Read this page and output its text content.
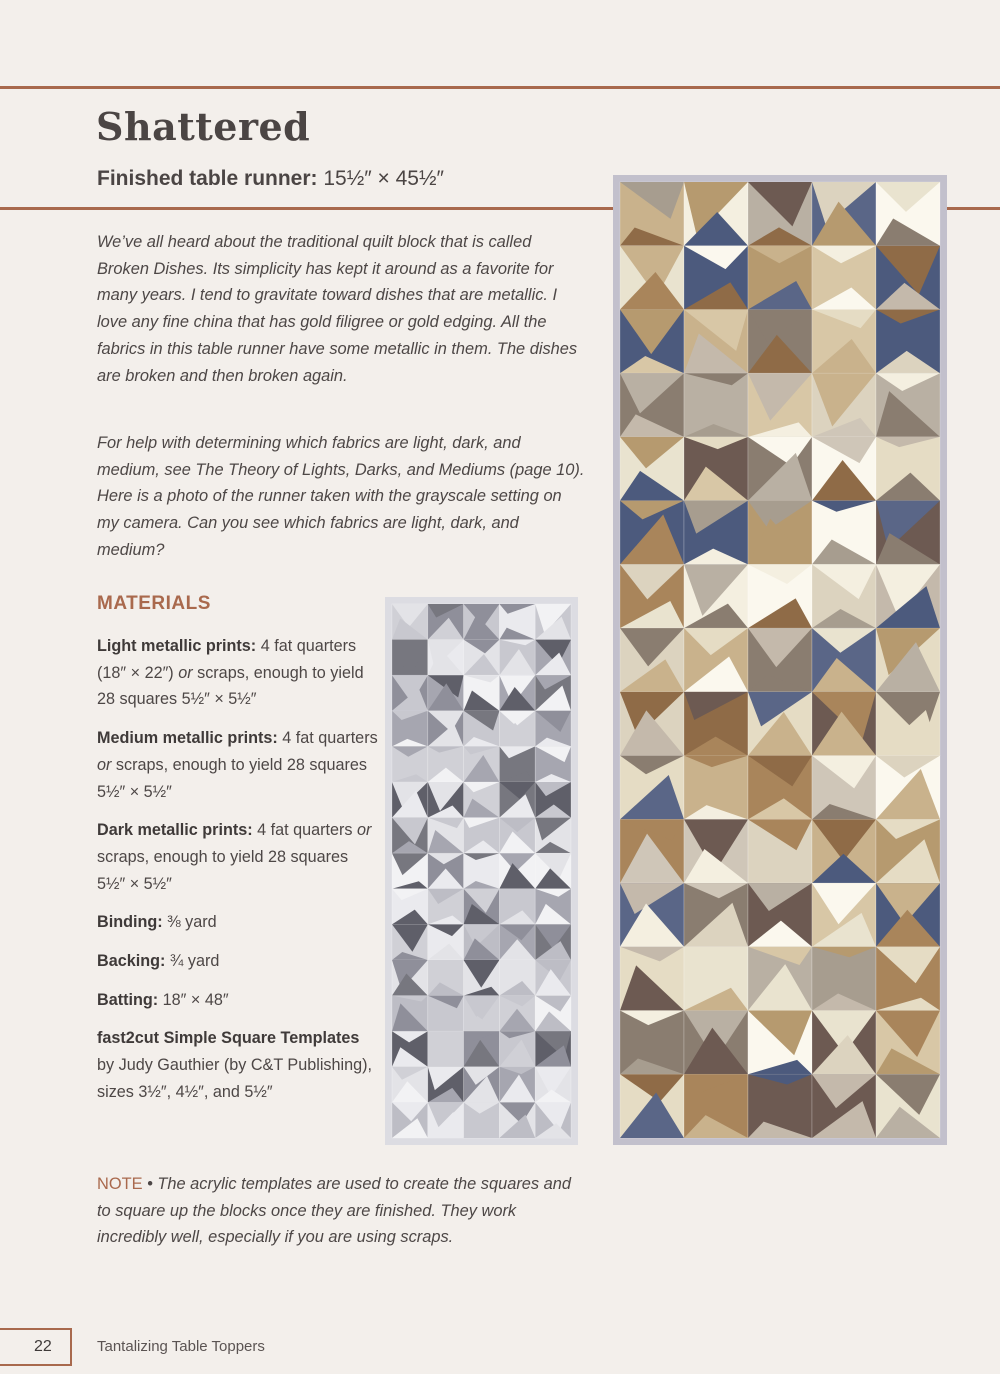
Shattered
Finished table runner: 15½″ × 45½″

We’ve all heard about the traditional quilt block that is called Broken Dishes. Its simplicity has kept it around as a favorite for many years. I tend to gravitate toward dishes that are metallic. I love any fine china that has gold filigree or gold edging. All the fabrics in this table runner have some metallic in them. The dishes are broken and then broken again.

For help with determining which fabrics are light, dark, and medium, see The Theory of Lights, Darks, and Mediums (page 10). Here is a photo of the runner taken with the grayscale setting on my camera. Can you see which fabrics are light, dark, and medium?

MATERIALS

Light metallic prints: 4 fat quarters (18″ × 22″) or scraps, enough to yield 28 squares 5½″ × 5½″

Medium metallic prints: 4 fat quarters or scraps, enough to yield 28 squares 5½″ × 5½″

Dark metallic prints: 4 fat quarters or scraps, enough to yield 28 squares 5½″ × 5½″

Binding: ⅜ yard

Backing: ¾ yard

Batting: 18″ × 48″

fast2cut Simple Square Templates by Judy Gauthier (by C&T Publishing), sizes 3½″, 4½″, and 5½″

NOTE • The acrylic templates are used to create the squares and to square up the blocks once they are finished. They work incredibly well, especially if you are using scraps.

22	Tantalizing Table Toppers
